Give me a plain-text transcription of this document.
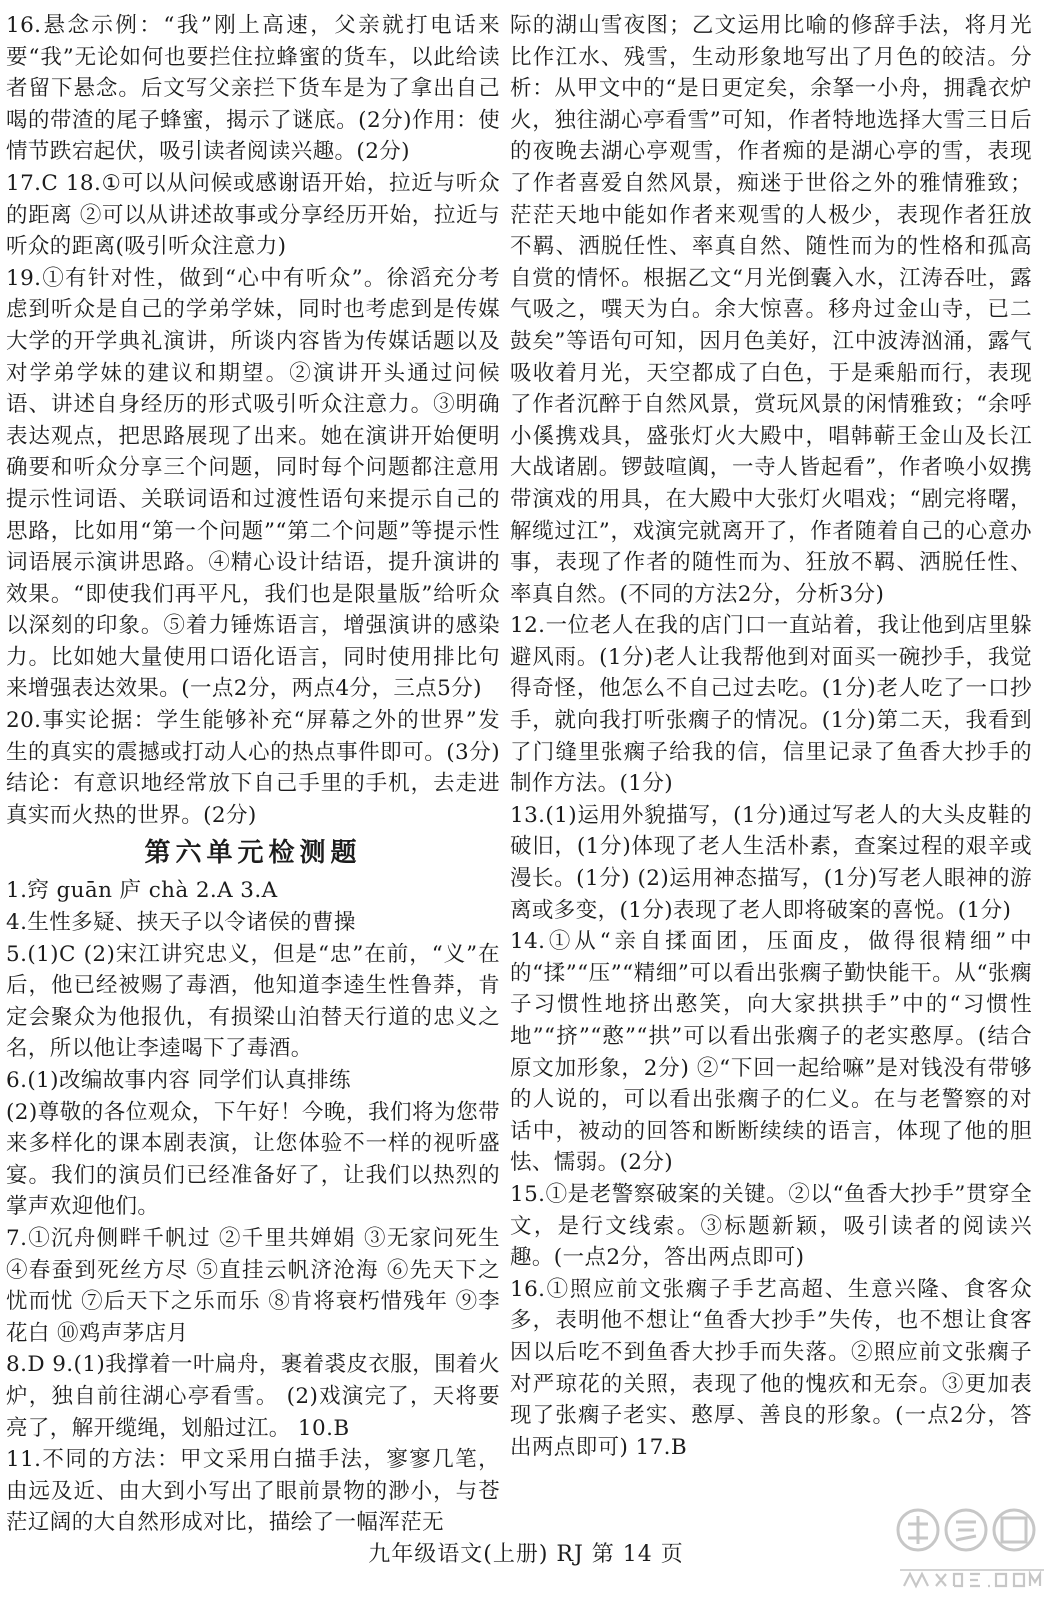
16.悬念示例：“我”刚上高速，父亲就打电话来要“我”无论如何也要拦住拉蜂蜜的货车，以此给读者留下悬念。后文写父亲拦下货车是为了拿出自己喝的带渣的尾子蜂蜜，揭示了谜底。(2分)作用：使情节跌宕起伏，吸引读者阅读兴趣。(2分)

17.C 18.①可以从问候或感谢语开始，拉近与听众的距离 ②可以从讲述故事或分享经历开始，拉近与听众的距离(吸引听众注意力)

19.①有针对性，做到“心中有听众”。徐滔充分考虑到听众是自己的学弟学妹，同时也考虑到是传媒大学的开学典礼演讲，所谈内容皆为传媒话题以及对学弟学妹的建议和期望。②演讲开头通过问候语、讲述自身经历的形式吸引听众注意力。③明确表达观点，把思路展现了出来。她在演讲开始便明确要和听众分享三个问题，同时每个问题都注意用提示性词语、关联词语和过渡性语句来提示自己的思路，比如用“第一个问题”“第二个问题”等提示性词语展示演讲思路。④精心设计结语，提升演讲的效果。“即使我们再平凡，我们也是限量版”给听众以深刻的印象。⑤着力锤炼语言，增强演讲的感染力。比如她大量使用口语化语言，同时使用排比句来增强表达效果。(一点2分，两点4分，三点5分)

20.事实论据：学生能够补充“屏幕之外的世界”发生的真实的震撼或打动人心的热点事件即可。(3分)结论：有意识地经常放下自己手里的手机，去走进真实而火热的世界。(2分)

第六单元检测题

1.窍 guān 庐 chà 2.A 3.A

4.生性多疑、挟天子以令诸侯的曹操

5.(1)C (2)宋江讲究忠义，但是“忠”在前，“义”在后，他已经被赐了毒酒，他知道李逵生性鲁莽，肯定会聚众为他报仇，有损梁山泊替天行道的忠义之名，所以他让李逵喝下了毒酒。

6.(1)改编故事内容 同学们认真排练

(2)尊敬的各位观众，下午好！今晚，我们将为您带来多样化的课本剧表演，让您体验不一样的视听盛宴。我们的演员们已经准备好了，让我们以热烈的掌声欢迎他们。

7.①沉舟侧畔千帆过 ②千里共婵娟 ③无家问死生 ④春蚕到死丝方尽 ⑤直挂云帆济沧海 ⑥先天下之忧而忧 ⑦后天下之乐而乐 ⑧肯将衰朽惜残年 ⑨李花白 ⑩鸡声茅店月

8.D 9.(1)我撑着一叶扁舟，裹着裘皮衣服，围着火炉，独自前往湖心亭看雪。 (2)戏演完了，天将要亮了，解开缆绳，划船过江。 10.B

11.不同的方法：甲文采用白描手法，寥寥几笔，由远及近、由大到小写出了眼前景物的渺小，与苍茫辽阔的大自然形成对比，描绘了一幅浑茫无

际的湖山雪夜图；乙文运用比喻的修辞手法，将月光比作江水、残雪，生动形象地写出了月色的皎洁。分析：从甲文中的“是日更定矣，余拏一小舟，拥毳衣炉火，独往湖心亭看雪”可知，作者特地选择大雪三日后的夜晚去湖心亭观雪，作者痴的是湖心亭的雪，表现了作者喜爱自然风景，痴迷于世俗之外的雅情雅致；茫茫天地中能如作者来观雪的人极少，表现作者狂放不羁、洒脱任性、率真自然、随性而为的性格和孤高自赏的情怀。根据乙文“月光倒囊入水，江涛吞吐，露气吸之，噀天为白。余大惊喜。移舟过金山寺，已二鼓矣”等语句可知，因月色美好，江中波涛汹涌，露气吸收着月光，天空都成了白色，于是乘船而行，表现了作者沉醉于自然风景，赏玩风景的闲情雅致；“余呼小傒携戏具，盛张灯火大殿中，唱韩蕲王金山及长江大战诸剧。锣鼓喧阗，一寺人皆起看”，作者唤小奴携带演戏的用具，在大殿中大张灯火唱戏；“剧完将曙，解缆过江”，戏演完就离开了，作者随着自己的心意办事，表现了作者的随性而为、狂放不羁、洒脱任性、率真自然。(不同的方法2分，分析3分)

12.一位老人在我的店门口一直站着，我让他到店里躲避风雨。(1分)老人让我帮他到对面买一碗抄手，我觉得奇怪，他怎么不自己过去吃。(1分)老人吃了一口抄手，就向我打听张瘸子的情况。(1分)第二天，我看到了门缝里张瘸子给我的信，信里记录了鱼香大抄手的制作方法。(1分)

13.(1)运用外貌描写，(1分)通过写老人的大头皮鞋的破旧，(1分)体现了老人生活朴素，查案过程的艰辛或漫长。(1分) (2)运用神态描写，(1分)写老人眼神的游离或多变，(1分)表现了老人即将破案的喜悦。(1分)

14.①从“亲自揉面团，压面皮，做得很精细”中的“揉”“压”“精细”可以看出张瘸子勤快能干。从“张瘸子习惯性地挤出憨笑，向大家拱拱手”中的“习惯性地”“挤”“憨”“拱”可以看出张瘸子的老实憨厚。(结合原文加形象，2分) ②“下回一起给嘛”是对钱没有带够的人说的，可以看出张瘸子的仁义。在与老警察的对话中，被动的回答和断断续续的语言，体现了他的胆怯、懦弱。(2分)

15.①是老警察破案的关键。②以“鱼香大抄手”贯穿全文，是行文线索。③标题新颖，吸引读者的阅读兴趣。(一点2分，答出两点即可)

16.①照应前文张瘸子手艺高超、生意兴隆、食客众多，表明他不想让“鱼香大抄手”失传，也不想让食客因以后吃不到鱼香大抄手而失落。②照应前文张瘸子对严琼花的关照，表现了他的愧疚和无奈。③更加表现了张瘸子老实、憨厚、善良的形象。(一点2分，答出两点即可) 17.B

九年级语文(上册) RJ 第 14 页
